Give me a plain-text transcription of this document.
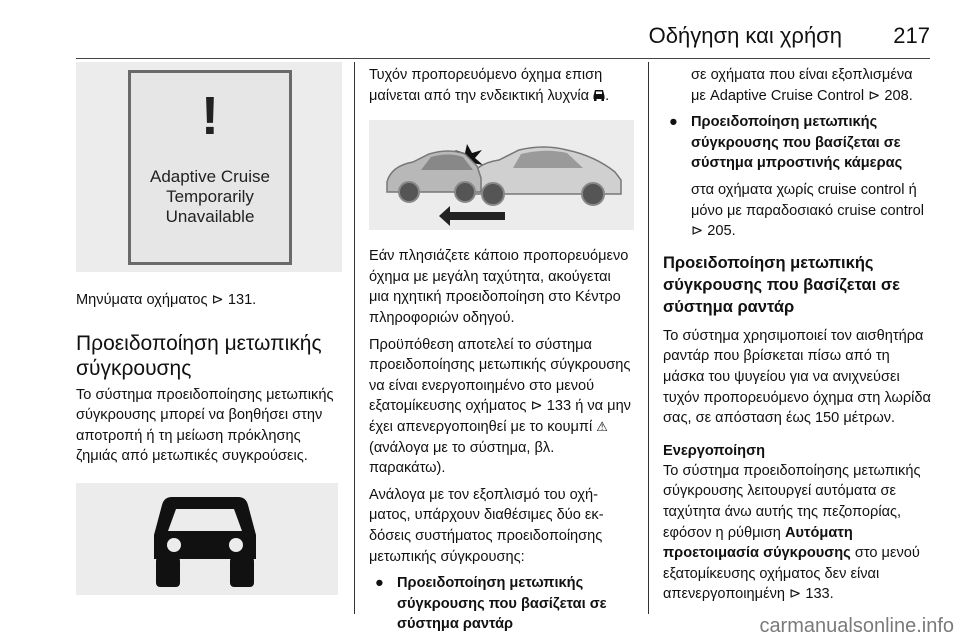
Οδήγηση και χρήση 217
!
Adaptive Cruise
Temporarily
Unavailable

Μηνύματα οχήματος ⊳ 131.

Προειδοποίηση μετωπικής σύγκρουσης

Το σύστημα προειδοποίησης μετωπικής σύγκρουσης μπορεί να βοηθήσει στην αποτροπή ή τη μείωση πρόκλησης ζημιάς από μετωπικές συγκρούσεις.

Τυχόν προπορευόμενο όχημα επιση
μαίνεται από την ενδεικτική λυχνία .

Εάν πλησιάζετε κάποιο προπορευόμενο όχημα με μεγάλη ταχύτητα, ακούγεται μια ηχητική προειδοποίηση στο Κέντρο πληροφοριών οδηγού.

Προϋπόθεση αποτελεί το σύστημα προειδοποίησης μετωπικής σύγκρουσης να είναι ενεργοποιημένο στο μενού εξατομίκευσης οχήματος ⊳ 133 ή να μην έχει απενεργοποιηθεί με το κουμπί ⚠ (ανάλογα με το σύστημα, βλ. παρακάτω).

Ανάλογα με τον εξοπλισμό του οχήματος, υπάρχουν διαθέσιμες δύο εκδόσεις συστήματος προειδοποίησης μετωπικής σύγκρουσης:

● Προειδοποίηση μετωπικής σύγκρουσης που βασίζεται σε σύστημα ραντάρ

σε οχήματα που είναι εξοπλισμένα με Adaptive Cruise Control ⊳ 208.

● Προειδοποίηση μετωπικής σύγκρουσης που βασίζεται σε σύστημα μπροστινής κάμερας

στα οχήματα χωρίς cruise control ή μόνο με παραδοσιακό cruise control ⊳ 205.

Προειδοποίηση μετωπικής σύγκρουσης που βασίζεται σε σύστημα ραντάρ

Το σύστημα χρησιμοποιεί τον αισθητήρα ραντάρ που βρίσκεται πίσω από τη μάσκα του ψυγείου για να ανιχνεύσει τυχόν προπορευόμενο όχημα στη λωρίδα σας, σε απόσταση έως 150 μέτρων.

Ενεργοποίηση

Το σύστημα προειδοποίησης μετωπικής σύγκρουσης λειτουργεί αυτόματα σε ταχύτητα άνω αυτής της πεζοπορίας, εφόσον η ρύθμιση Αυτόματη προετοιμασία σύγκρουσης στο μενού εξατομίκευσης οχήματος δεν είναι απενεργοποιημένη ⊳ 133.

carmanualsonline.info
